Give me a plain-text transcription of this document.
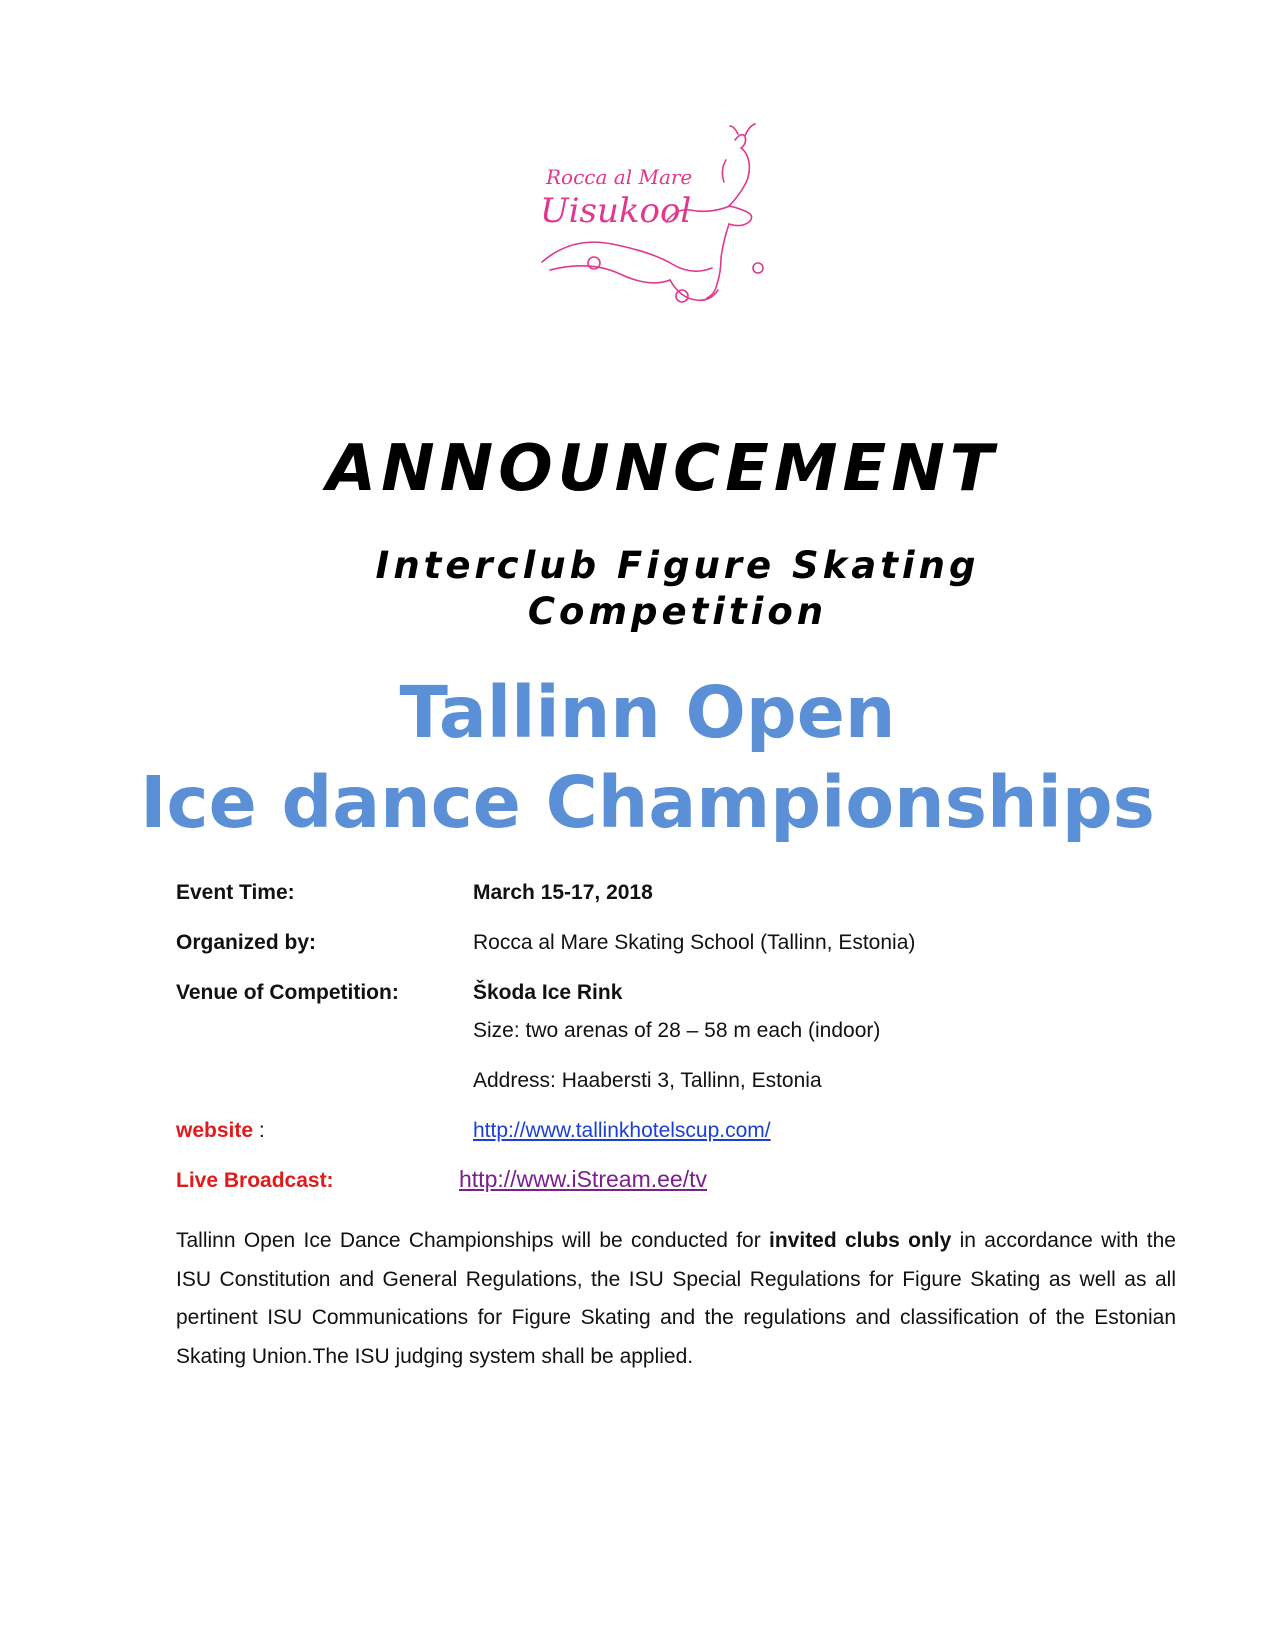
Rocca al Mare
Uisukool
ANNOUNCEMENT
Interclub Figure Skating
Competition
Tallinn Open
Ice dance Championships
Event Time:	March 15-17, 2018
Organized by:	Rocca al Mare Skating School (Tallinn, Estonia)
Venue of Competition:	Škoda Ice Rink
Size: two arenas of 28 – 58 m each (indoor)
Address: Haabersti 3, Tallinn, Estonia
website :	http://www.tallinkhotelscup.com/
Live Broadcast:	http://www.iStream.ee/tv
Tallinn Open Ice Dance Championships will be conducted for invited clubs only in accordance with the ISU Constitution and General Regulations, the ISU Special Regulations for Figure Skating as well as all pertinent ISU Communications for Figure Skating and the regulations and classification of the Estonian Skating Union.The ISU judging system shall be applied.
